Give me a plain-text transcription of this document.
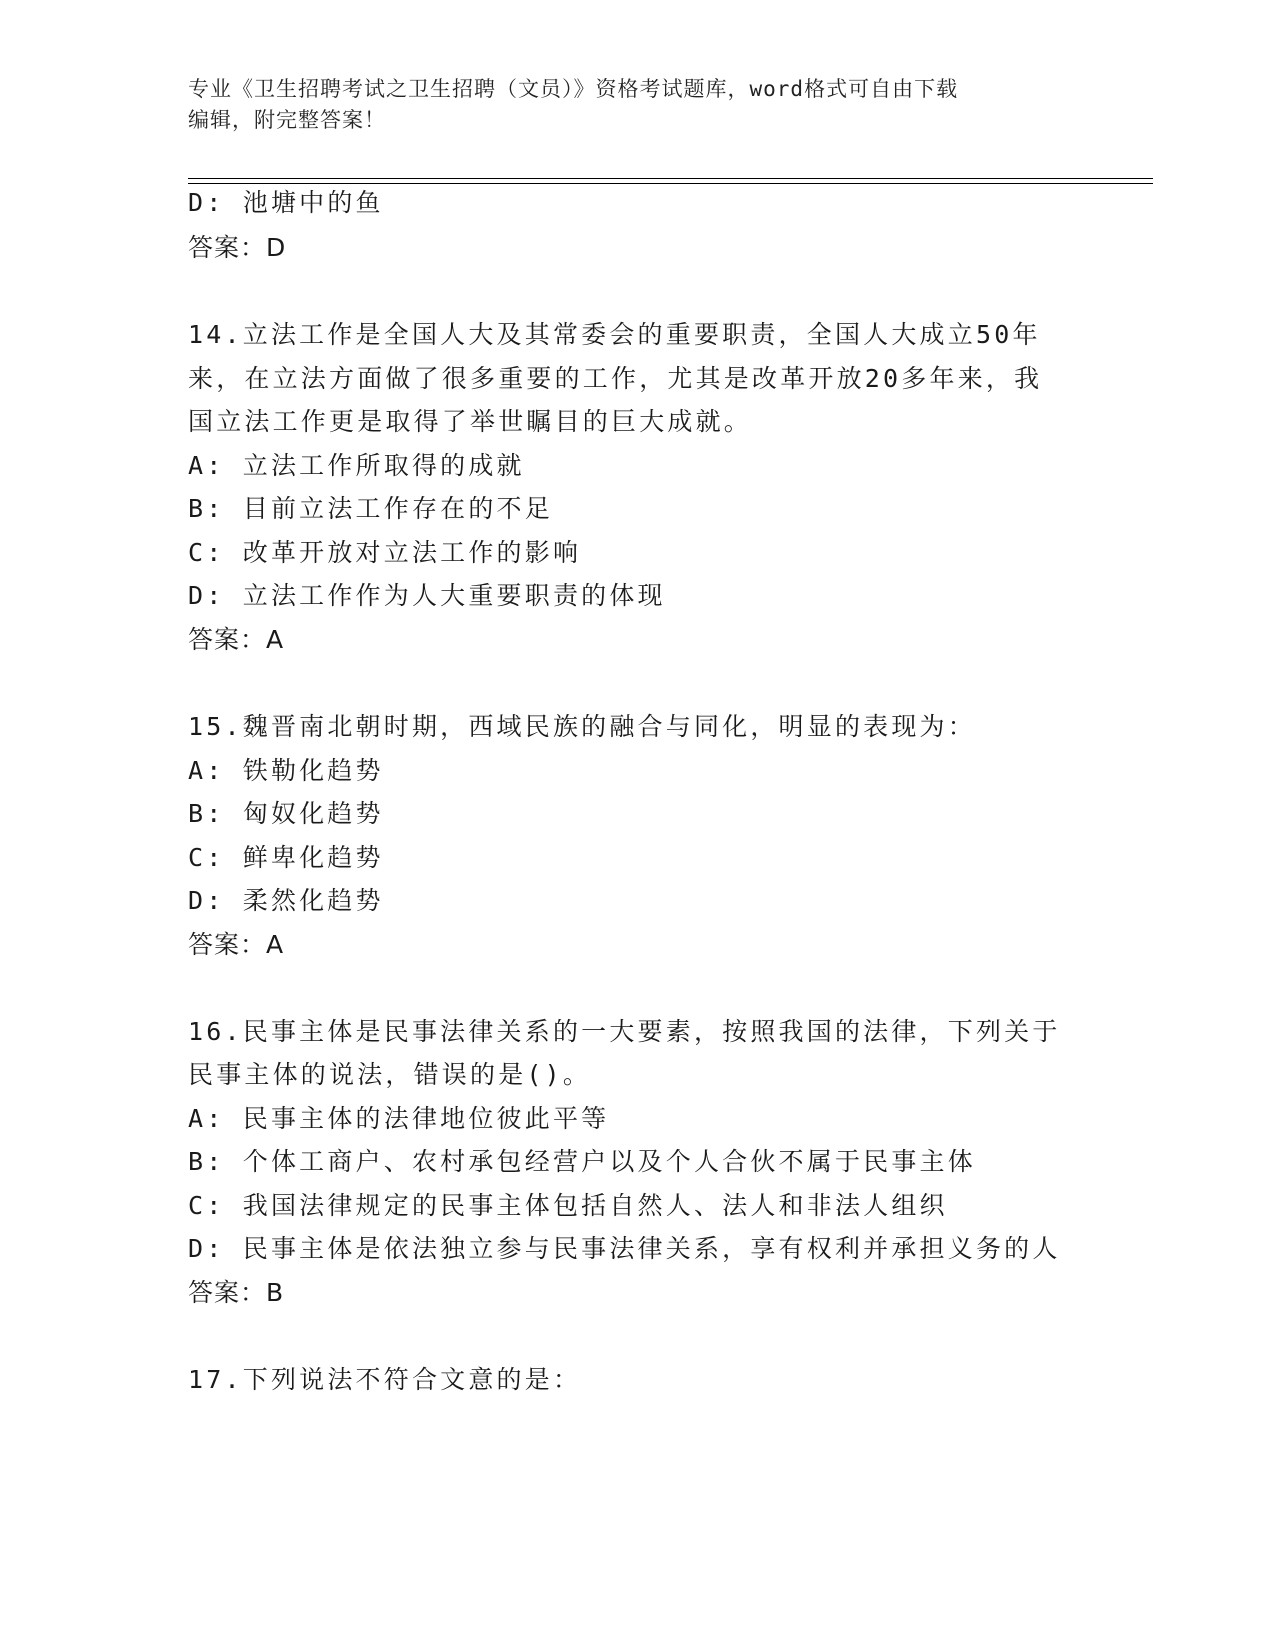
专业《卫生招聘考试之卫生招聘（文员）》资格考试题库，word格式可自由下载
编辑，附完整答案！
D: 池塘中的鱼
答案：D
14.立法工作是全国人大及其常委会的重要职责，全国人大成立50年
来，在立法方面做了很多重要的工作，尤其是改革开放20多年来，我
国立法工作更是取得了举世瞩目的巨大成就。
A: 立法工作所取得的成就
B: 目前立法工作存在的不足
C: 改革开放对立法工作的影响
D: 立法工作作为人大重要职责的体现
答案：A
15.魏晋南北朝时期，西域民族的融合与同化，明显的表现为：
A: 铁勒化趋势
B: 匈奴化趋势
C: 鲜卑化趋势
D: 柔然化趋势
答案：A
16.民事主体是民事法律关系的一大要素，按照我国的法律，下列关于
民事主体的说法，错误的是()。
A: 民事主体的法律地位彼此平等
B: 个体工商户、农村承包经营户以及个人合伙不属于民事主体
C: 我国法律规定的民事主体包括自然人、法人和非法人组织
D: 民事主体是依法独立参与民事法律关系，享有权利并承担义务的人
答案：B
17.下列说法不符合文意的是：
